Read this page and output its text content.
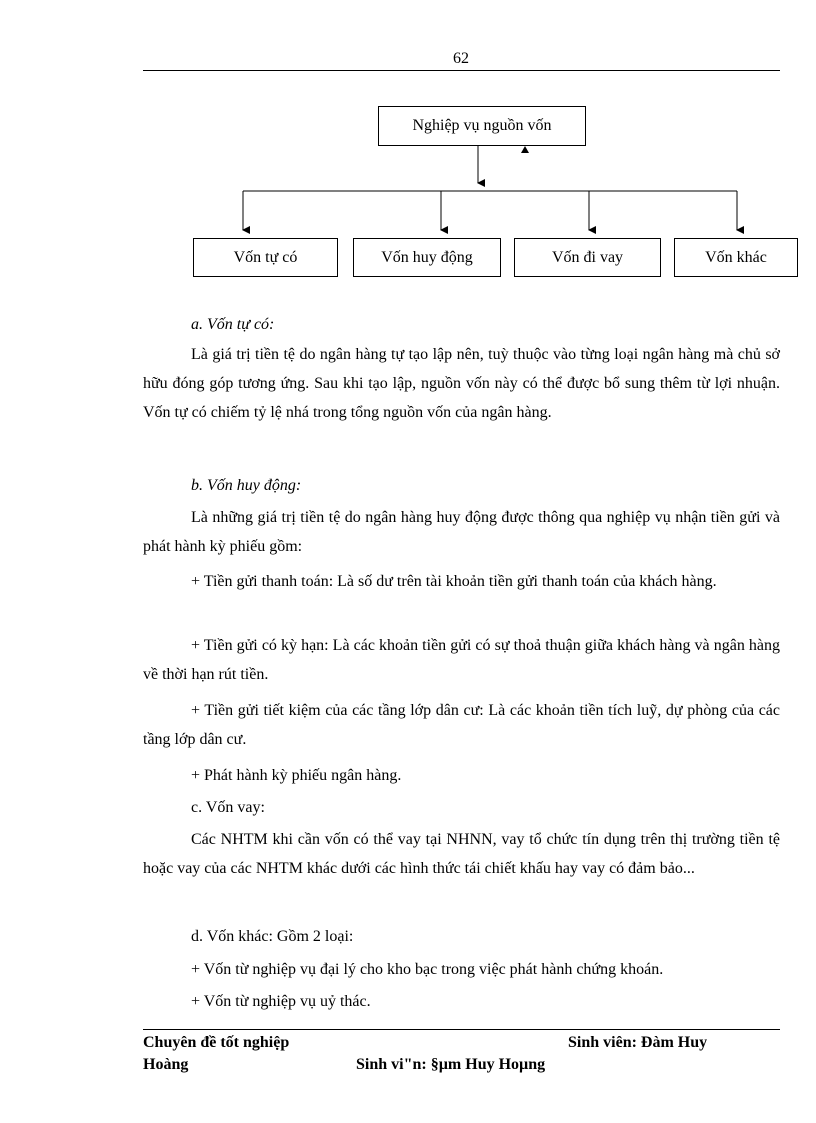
62
Nghiệp vụ nguồn vốn
Vốn tự có	Vốn huy động	Vốn đi vay	Vốn khác

a. Vốn tự có:

Là giá trị tiền tệ do ngân hàng tự tạo lập nên, tuỳ thuộc vào từng loại ngân hàng mà chủ sở hữu đóng góp tương ứng. Sau khi tạo lập, nguồn vốn này có thể được bổ sung thêm từ lợi nhuận. Vốn tự có chiếm tỷ lệ nhá trong tổng nguồn vốn của ngân hàng.

b. Vốn huy động:

Là những giá trị tiền tệ do ngân hàng huy động được thông qua nghiệp vụ nhận tiền gửi và phát hành kỳ phiếu gồm:

+ Tiền gửi thanh toán: Là số dư trên tài khoản tiền gửi thanh toán của khách hàng.

+ Tiền gửi có kỳ hạn: Là các khoản tiền gửi có sự thoả thuận giữa khách hàng và ngân hàng về thời hạn rút tiền.

+ Tiền gửi tiết kiệm của các tầng lớp dân cư: Là các khoản tiền tích luỹ, dự phòng của các tầng lớp dân cư.

+ Phát hành kỳ phiếu ngân hàng.

c. Vốn vay:

Các NHTM khi cần vốn có thể vay tại NHNN, vay tổ chức tín dụng trên thị trường tiền tệ hoặc vay của các NHTM khác dưới các hình thức tái chiết khấu hay vay có đảm bảo...

d. Vốn khác: Gồm 2 loại:

+ Vốn từ nghiệp vụ đại lý cho kho bạc trong việc phát hành chứng khoán.

+ Vốn từ nghiệp vụ uỷ thác.

Chuyên đề tốt nghiệp	Sinh viên: Đàm Huy
Hoàng	Sinh vi"n: §µm Huy Hoµng
